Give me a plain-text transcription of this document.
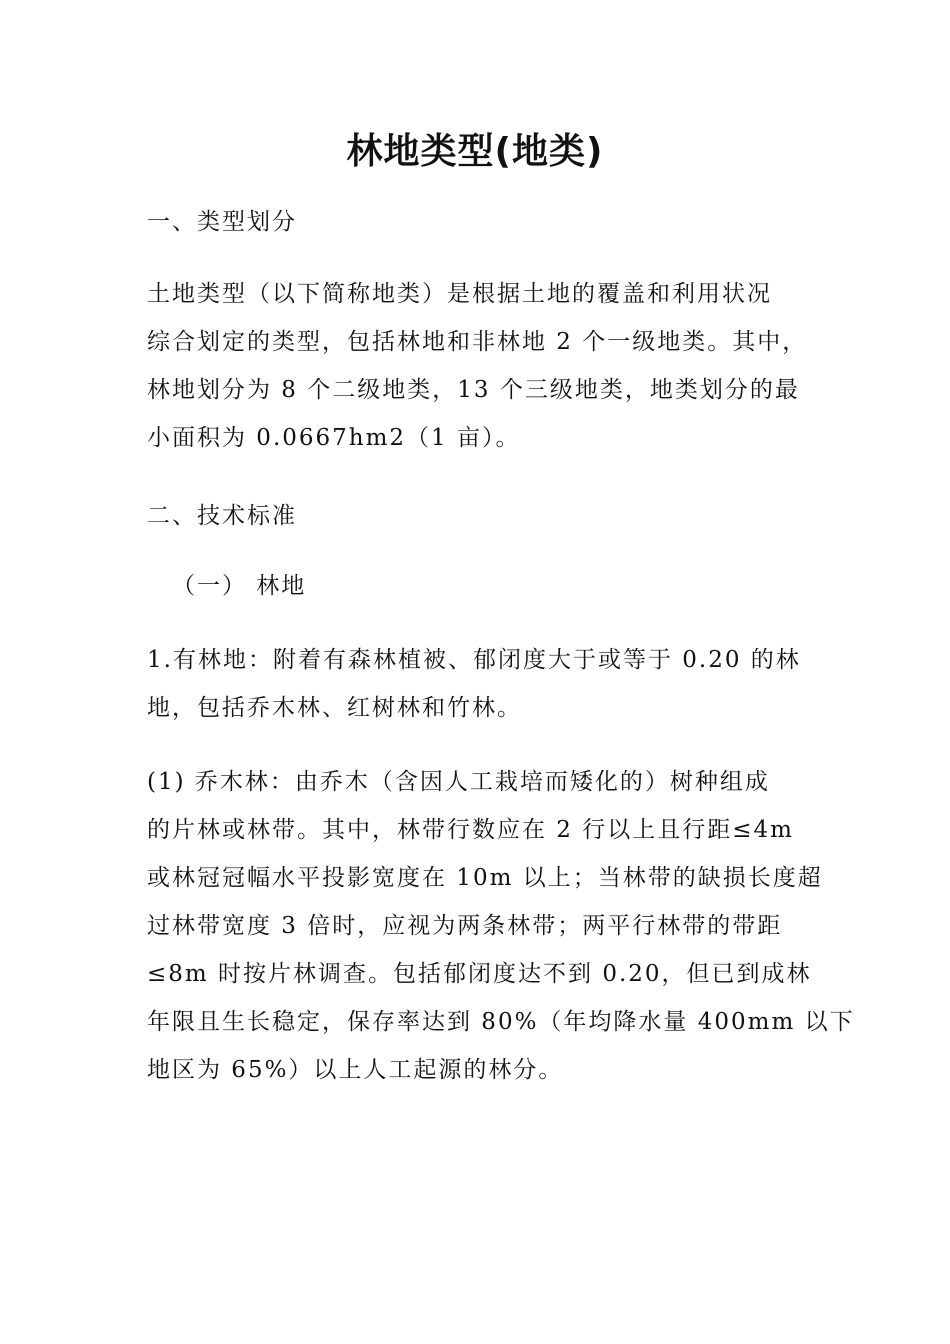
林地类型(地类)

一、类型划分

土地类型（以下简称地类）是根据土地的覆盖和利用状况
综合划定的类型，包括林地和非林地 2 个一级地类。其中，
林地划分为 8 个二级地类，13 个三级地类，地类划分的最
小面积为 0.0667hm2（1 亩）。

二、技术标准

（一） 林地

1.有林地：附着有森林植被、郁闭度大于或等于 0.20 的林
地，包括乔木林、红树林和竹林。

(1) 乔木林：由乔木（含因人工栽培而矮化的）树种组成
的片林或林带。其中，林带行数应在 2 行以上且行距≤4m
或林冠冠幅水平投影宽度在 10m 以上；当林带的缺损长度超
过林带宽度 3 倍时，应视为两条林带；两平行林带的带距
≤8m 时按片林调查。包括郁闭度达不到 0.20，但已到成林
年限且生长稳定，保存率达到 80%（年均降水量 400mm 以下
地区为 65%）以上人工起源的林分。
